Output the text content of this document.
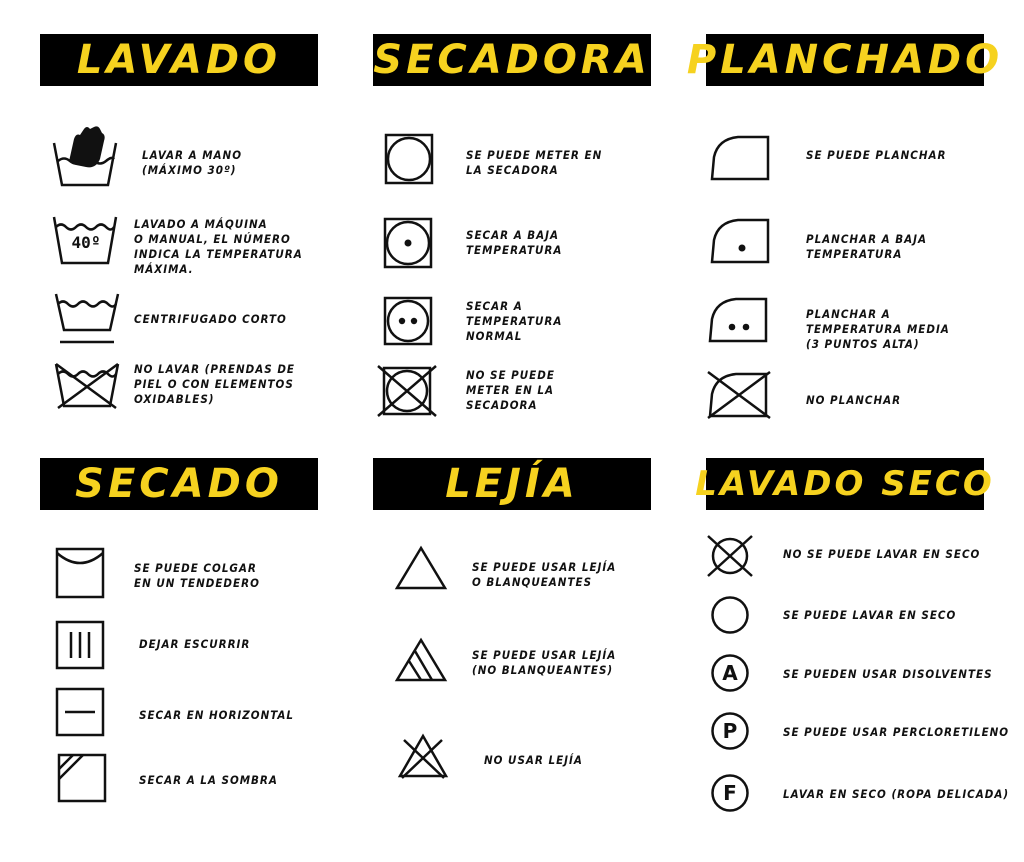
LAVADO SECADORA PLANCHADO
SECADO	LEJÍA	LAVADO SECO
LAVAR A MANO
(MÁXIMO 30º)
40º
LAVADO A MÁQUINA
O MANUAL, EL NÚMERO
INDICA LA TEMPERATURA
MÁXIMA.
CENTRIFUGADO CORTO
NO LAVAR (PRENDAS DE
PIEL O CON ELEMENTOS
OXIDABLES)
SE PUEDE METER EN
LA SECADORA
SECAR A BAJA
TEMPERATURA
SECAR A
TEMPERATURA
NORMAL
NO SE PUEDE
METER EN LA
SECADORA
SE PUEDE PLANCHAR
PLANCHAR A BAJA
TEMPERATURA
PLANCHAR A
TEMPERATURA MEDIA
(3 PUNTOS ALTA)
NO PLANCHAR
SE PUEDE COLGAR
EN UN TENDEDERO
DEJAR ESCURRIR
SECAR EN HORIZONTAL
SECAR A LA SOMBRA
SE PUEDE USAR LEJÍA
O BLANQUEANTES
SE PUEDE USAR LEJÍA
(NO BLANQUEANTES)
NO USAR LEJÍA
NO SE PUEDE LAVAR EN SECO
SE PUEDE LAVAR EN SECO
A	SE PUEDEN USAR DISOLVENTES
P	SE PUEDE USAR PERCLORETILENO
F	LAVAR EN SECO (ROPA DELICADA)
